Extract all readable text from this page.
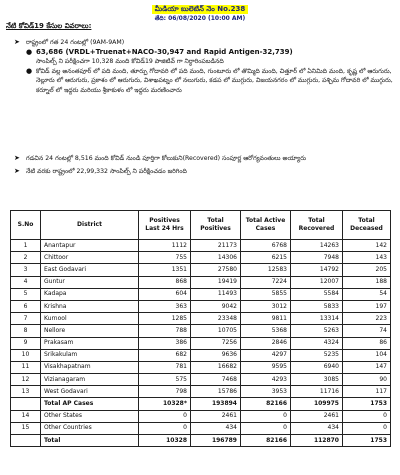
మీడియా బులెటిన్ నెం No.238
తేది: 06/08/2020 (10:00 AM)
నేటి కోవిడ్19 కేసుల వివరాలు:
➤ రాష్ట్రంలో గత 24 గంటల్లో (9AM-9AM)
● 63,686 (VRDL+Truenat+NACO-30,947 and Rapid Antigen-32,739)
సాంపిల్స్ ని పరీక్షించగా 10,328 మంది కోవిడ్19 పాజిటివ్ గా నిర్ధారింపబడినది
● కోవిడ్ వల్ల అనంతపూర్ లో పది మంది, తూర్పు గోదావరి లో పది మంది, గుంటూరు లో తొమ్మిది మంది, చిత్తూర్ లో ఏనిమిది మంది, కృష్ణ లో ఆరుగురు, నెల్లూరు లో ఆరుగురు, ప్రకాశం లో ఆరుగురు, విశాఖపట్నం లో నలుగురు, కడప లో ముగ్గురు, విజయనగరం లో ముగ్గురు, పశ్చిమ గోదావరి లో ముగ్గురు, కర్నూల్ లో ఇద్దరు మరియు శ్రీకాకుళం లో ఇద్దరు మరణించారు
➤ గడచిన 24 గంటల్లో 8,516 మంది కోవిడ్ నుండి పూర్తిగా కోలుకుని(Recovered) సంపూర్ణ ఆరోగ్యవంతులు అయ్యారు
➤ నేటి వరకు రాష్ట్రంలో 22,99,332 సాంపిల్స్ ని పరీక్షించడం జరిగింది
S.No	District	Positives Last 24 Hrs	Total Positives	Total Active Cases	Total Recovered	Total Deceased
1	Anantapur	1112	21173	6768	14263	142
2	Chittoor	755	14306	6215	7948	143
3	East Godavari	1351	27580	12583	14792	205
4	Guntur	868	19419	7224	12007	188
5	Kadapa	604	11493	5855	5584	54
6	Krishna	363	9042	3012	5833	197
7	Kurnool	1285	23348	9811	13314	223
8	Nellore	788	10705	5368	5263	74
9	Prakasam	386	7256	2846	4324	86
10	Srikakulam	682	9636	4297	5235	104
11	Visakhapatnam	781	16682	9595	6940	147
12	Vizianagaram	575	7468	4293	3085	90
13	West Godavari	798	15786	3953	11716	117
	Total AP Cases	10328*	193894	82166	109975	1753
14	Other States	0	2461	0	2461	0
15	Other Countries	0	434	0	434	0
	Total	10328	196789	82166	112870	1753
